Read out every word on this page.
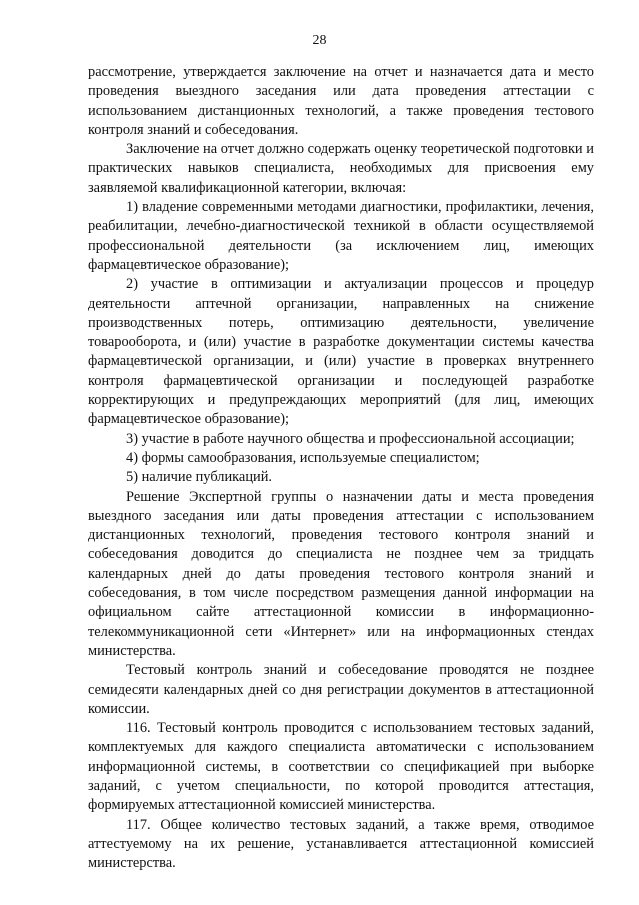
28

рассмотрение, утверждается заключение на отчет и назначается дата и место проведения выездного заседания или дата проведения аттестации с использованием дистанционных технологий, а также проведения тестового контроля знаний и собеседования.

Заключение на отчет должно содержать оценку теоретической подготовки и практических навыков специалиста, необходимых для присвоения ему заявляемой квалификационной категории, включая:

1) владение современными методами диагностики, профилактики, лечения, реабилитации, лечебно-диагностической техникой в области осуществляемой профессиональной деятельности (за исключением лиц, имеющих фармацевтическое образование);

2) участие в оптимизации и актуализации процессов и процедур деятельности аптечной организации, направленных на снижение производственных потерь, оптимизацию деятельности, увеличение товарооборота, и (или) участие в разработке документации системы качества фармацевтической организации, и (или) участие в проверках внутреннего контроля фармацевтической организации и последующей разработке корректирующих и предупреждающих мероприятий (для лиц, имеющих фармацевтическое образование);

3) участие в работе научного общества и профессиональной ассоциации;

4) формы самообразования, используемые специалистом;

5) наличие публикаций.

Решение Экспертной группы о назначении даты и места проведения выездного заседания или даты проведения аттестации с использованием дистанционных технологий, проведения тестового контроля знаний и собеседования доводится до специалиста не позднее чем за тридцать календарных дней до даты проведения тестового контроля знаний и собеседования, в том числе посредством размещения данной информации на официальном сайте аттестационной комиссии в информационно-телекоммуникационной сети «Интернет» или на информационных стендах министерства.

Тестовый контроль знаний и собеседование проводятся не позднее семидесяти календарных дней со дня регистрации документов в аттестационной комиссии.

116. Тестовый контроль проводится с использованием тестовых заданий, комплектуемых для каждого специалиста автоматически с использованием информационной системы, в соответствии со спецификацией при выборке заданий, с учетом специальности, по которой проводится аттестация, формируемых аттестационной комиссией министерства.

117. Общее количество тестовых заданий, а также время, отводимое аттестуемому на их решение, устанавливается аттестационной комиссией министерства.
